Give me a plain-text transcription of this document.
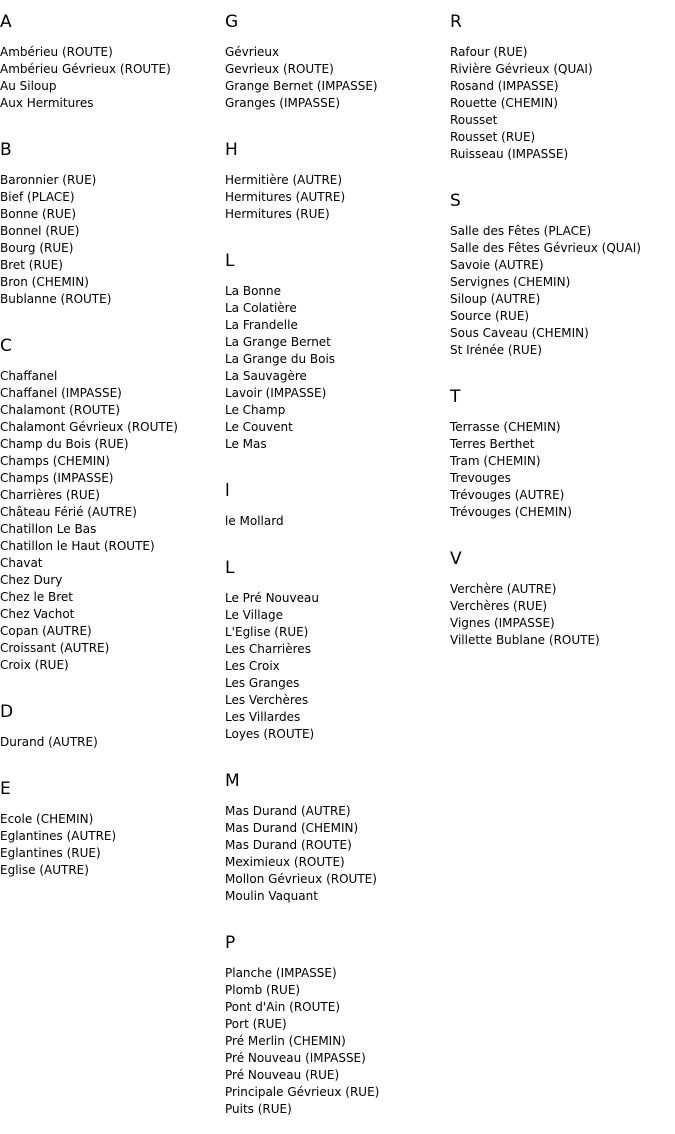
A
Ambérieu (ROUTE)
Ambérieu Gévrieux (ROUTE)
Au Siloup
Aux Hermitures
B
Baronnier (RUE)
Bief (PLACE)
Bonne (RUE)
Bonnel (RUE)
Bourg (RUE)
Bret (RUE)
Bron (CHEMIN)
Bublanne (ROUTE)
C
Chaffanel
Chaffanel (IMPASSE)
Chalamont (ROUTE)
Chalamont Gévrieux (ROUTE)
Champ du Bois (RUE)
Champs (CHEMIN)
Champs (IMPASSE)
Charrières (RUE)
Château Férié (AUTRE)
Chatillon Le Bas
Chatillon le Haut (ROUTE)
Chavat
Chez Dury
Chez le Bret
Chez Vachot
Copan (AUTRE)
Croissant (AUTRE)
Croix (RUE)
D
Durand (AUTRE)
E
Ecole (CHEMIN)
Eglantines (AUTRE)
Eglantines (RUE)
Eglise (AUTRE)
G
Gévrieux
Gevrieux (ROUTE)
Grange Bernet (IMPASSE)
Granges (IMPASSE)
H
Hermitière (AUTRE)
Hermitures (AUTRE)
Hermitures (RUE)
L
La Bonne
La Colatière
La Frandelle
La Grange Bernet
La Grange du Bois
La Sauvagère
Lavoir (IMPASSE)
Le Champ
Le Couvent
Le Mas
l
le Mollard
L
Le Pré Nouveau
Le Village
L'Eglise (RUE)
Les Charrières
Les Croix
Les Granges
Les Verchères
Les Villardes
Loyes (ROUTE)
M
Mas Durand (AUTRE)
Mas Durand (CHEMIN)
Mas Durand (ROUTE)
Meximieux (ROUTE)
Mollon Gévrieux (ROUTE)
Moulin Vaquant
P
Planche (IMPASSE)
Plomb (RUE)
Pont d'Ain (ROUTE)
Port (RUE)
Pré Merlin (CHEMIN)
Pré Nouveau (IMPASSE)
Pré Nouveau (RUE)
Principale Gévrieux (RUE)
Puits (RUE)
R
Rafour (RUE)
Rivière Gévrieux (QUAI)
Rosand (IMPASSE)
Rouette (CHEMIN)
Rousset
Rousset (RUE)
Ruisseau (IMPASSE)
S
Salle des Fêtes (PLACE)
Salle des Fêtes Gévrieux (QUAI)
Savoie (AUTRE)
Servignes (CHEMIN)
Siloup (AUTRE)
Source (RUE)
Sous Caveau (CHEMIN)
St Irénée (RUE)
T
Terrasse (CHEMIN)
Terres Berthet
Tram (CHEMIN)
Trevouges
Trévouges (AUTRE)
Trévouges (CHEMIN)
V
Verchère (AUTRE)
Verchères (RUE)
Vignes (IMPASSE)
Villette Bublane (ROUTE)
